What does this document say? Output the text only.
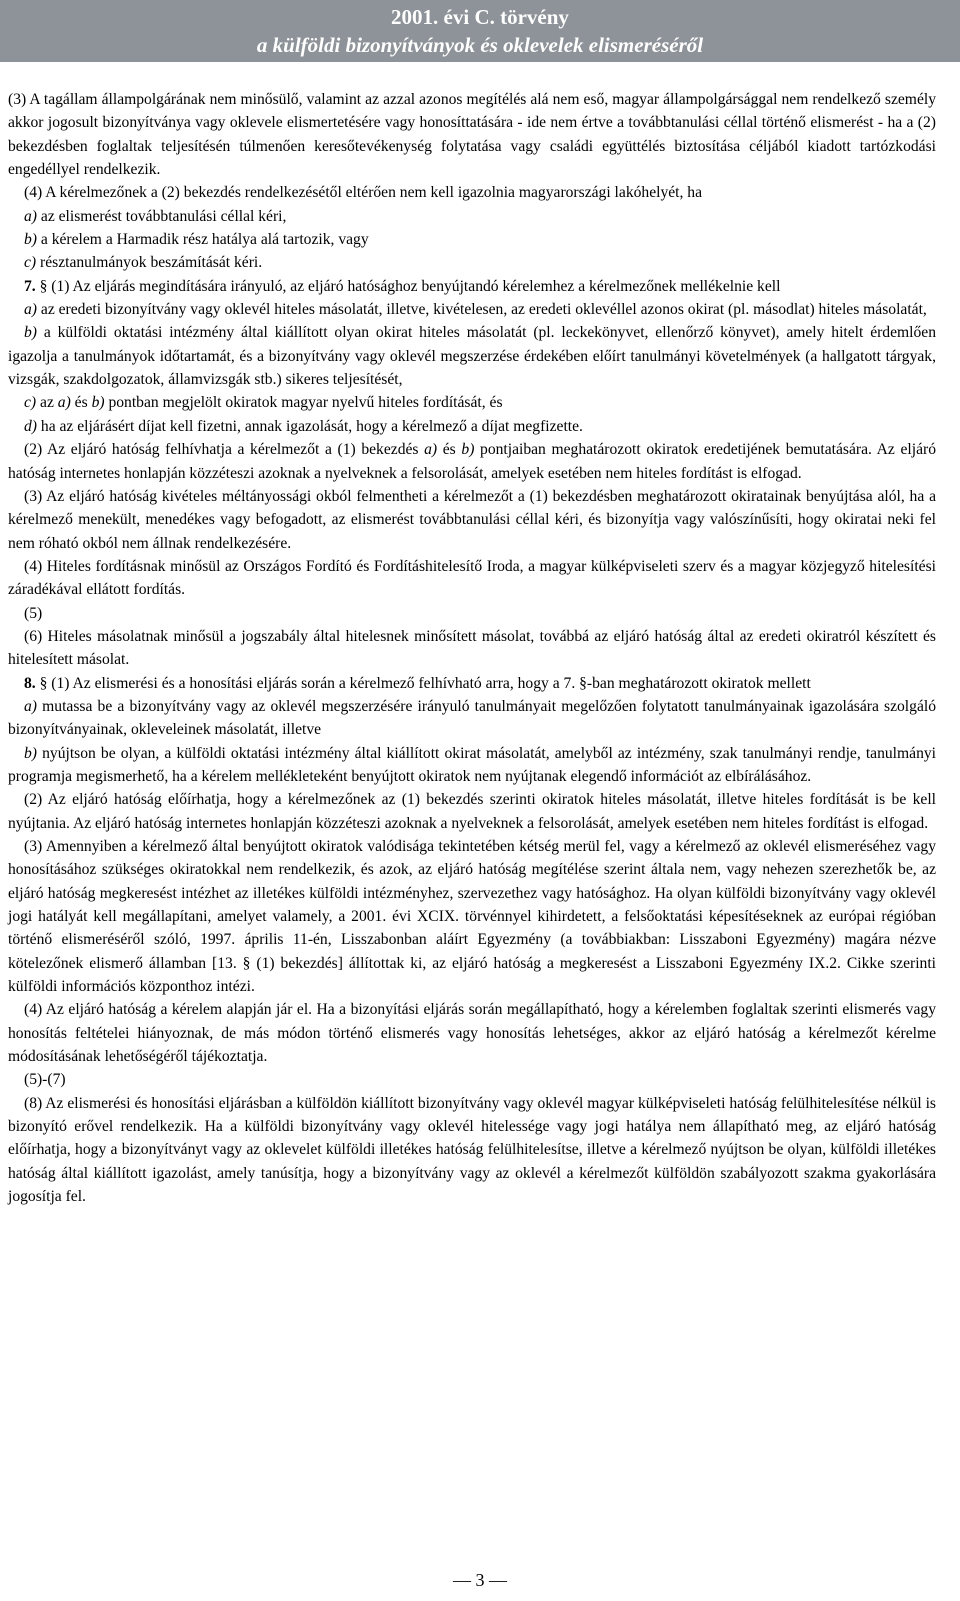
2001. évi C. törvény
a külföldi bizonyítványok és oklevelek elismeréséről

(3) A tagállam állampolgárának nem minősülő, valamint az azzal azonos megítélés alá nem eső, magyar állampolgársággal nem rendelkező személy akkor jogosult bizonyítványa vagy oklevele elismertetésére vagy honosíttatására - ide nem értve a továbbtanulási céllal történő elismerést - ha a (2) bekezdésben foglaltak teljesítésén túlmenően keresőtevékenység folytatása vagy családi együttélés biztosítása céljából kiadott tartózkodási engedéllyel rendelkezik.

(4) A kérelmezőnek a (2) bekezdés rendelkezésétől eltérően nem kell igazolnia magyarországi lakóhelyét, ha

a) az elismerést továbbtanulási céllal kéri,

b) a kérelem a Harmadik rész hatálya alá tartozik, vagy

c) résztanulmányok beszámítását kéri.

7. § (1) Az eljárás megindítására irányuló, az eljáró hatósághoz benyújtandó kérelemhez a kérelmezőnek mellékelnie kell

a) az eredeti bizonyítvány vagy oklevél hiteles másolatát, illetve, kivételesen, az eredeti oklevéllel azonos okirat (pl. másodlat) hiteles másolatát,

b) a külföldi oktatási intézmény által kiállított olyan okirat hiteles másolatát (pl. leckekönyvet, ellenőrző könyvet), amely hitelt érdemlően igazolja a tanulmányok időtartamát, és a bizonyítvány vagy oklevél megszerzése érdekében előírt tanulmányi követelmények (a hallgatott tárgyak, vizsgák, szakdolgozatok, államvizsgák stb.) sikeres teljesítését,

c) az a) és b) pontban megjelölt okiratok magyar nyelvű hiteles fordítását, és

d) ha az eljárásért díjat kell fizetni, annak igazolását, hogy a kérelmező a díjat megfizette.

(2) Az eljáró hatóság felhívhatja a kérelmezőt a (1) bekezdés a) és b) pontjaiban meghatározott okiratok eredetijének bemutatására. Az eljáró hatóság internetes honlapján közzéteszi azoknak a nyelveknek a felsorolását, amelyek esetében nem hiteles fordítást is elfogad.

(3) Az eljáró hatóság kivételes méltányossági okból felmentheti a kérelmezőt a (1) bekezdésben meghatározott okiratainak benyújtása alól, ha a kérelmező menekült, menedékes vagy befogadott, az elismerést továbbtanulási céllal kéri, és bizonyítja vagy valószínűsíti, hogy okiratai neki fel nem róható okból nem állnak rendelkezésére.

(4) Hiteles fordításnak minősül az Országos Fordító és Fordításhitelesítő Iroda, a magyar külképviseleti szerv és a magyar közjegyző hitelesítési záradékával ellátott fordítás.

(5)

(6) Hiteles másolatnak minősül a jogszabály által hitelesnek minősített másolat, továbbá az eljáró hatóság által az eredeti okiratról készített és hitelesített másolat.

8. § (1) Az elismerési és a honosítási eljárás során a kérelmező felhívható arra, hogy a 7. §-ban meghatározott okiratok mellett

a) mutassa be a bizonyítvány vagy az oklevél megszerzésére irányuló tanulmányait megelőzően folytatott tanulmányainak igazolására szolgáló bizonyítványainak, okleveleinek másolatát, illetve

b) nyújtson be olyan, a külföldi oktatási intézmény által kiállított okirat másolatát, amelyből az intézmény, szak tanulmányi rendje, tanulmányi programja megismerhető, ha a kérelem mellékleteként benyújtott okiratok nem nyújtanak elegendő információt az elbírálásához.

(2) Az eljáró hatóság előírhatja, hogy a kérelmezőnek az (1) bekezdés szerinti okiratok hiteles másolatát, illetve hiteles fordítását is be kell nyújtania. Az eljáró hatóság internetes honlapján közzéteszi azoknak a nyelveknek a felsorolását, amelyek esetében nem hiteles fordítást is elfogad.

(3) Amennyiben a kérelmező által benyújtott okiratok valódisága tekintetében kétség merül fel, vagy a kérelmező az oklevél elismeréséhez vagy honosításához szükséges okiratokkal nem rendelkezik, és azok, az eljáró hatóság megítélése szerint általa nem, vagy nehezen szerezhetők be, az eljáró hatóság megkeresést intézhet az illetékes külföldi intézményhez, szervezethez vagy hatósághoz. Ha olyan külföldi bizonyítvány vagy oklevél jogi hatályát kell megállapítani, amelyet valamely, a 2001. évi XCIX. törvénnyel kihirdetett, a felsőoktatási képesítéseknek az európai régióban történő elismeréséről szóló, 1997. április 11-én, Lisszabonban aláírt Egyezmény (a továbbiakban: Lisszaboni Egyezmény) magára nézve kötelezőnek elismerő államban [13. § (1) bekezdés] állítottak ki, az eljáró hatóság a megkeresést a Lisszaboni Egyezmény IX.2. Cikke szerinti külföldi információs központhoz intézi.

(4) Az eljáró hatóság a kérelem alapján jár el. Ha a bizonyítási eljárás során megállapítható, hogy a kérelemben foglaltak szerinti elismerés vagy honosítás feltételei hiányoznak, de más módon történő elismerés vagy honosítás lehetséges, akkor az eljáró hatóság a kérelmezőt kérelme módosításának lehetőségéről tájékoztatja.

(5)-(7)

(8) Az elismerési és honosítási eljárásban a külföldön kiállított bizonyítvány vagy oklevél magyar külképviseleti hatóság felülhitelesítése nélkül is bizonyító erővel rendelkezik. Ha a külföldi bizonyítvány vagy oklevél hitelessége vagy jogi hatálya nem állapítható meg, az eljáró hatóság előírhatja, hogy a bizonyítványt vagy az oklevelet külföldi illetékes hatóság felülhitelesítse, illetve a kérelmező nyújtson be olyan, külföldi illetékes hatóság által kiállított igazolást, amely tanúsítja, hogy a bizonyítvány vagy az oklevél a kérelmezőt külföldön szabályozott szakma gyakorlására jogosítja fel.

— 3 —
